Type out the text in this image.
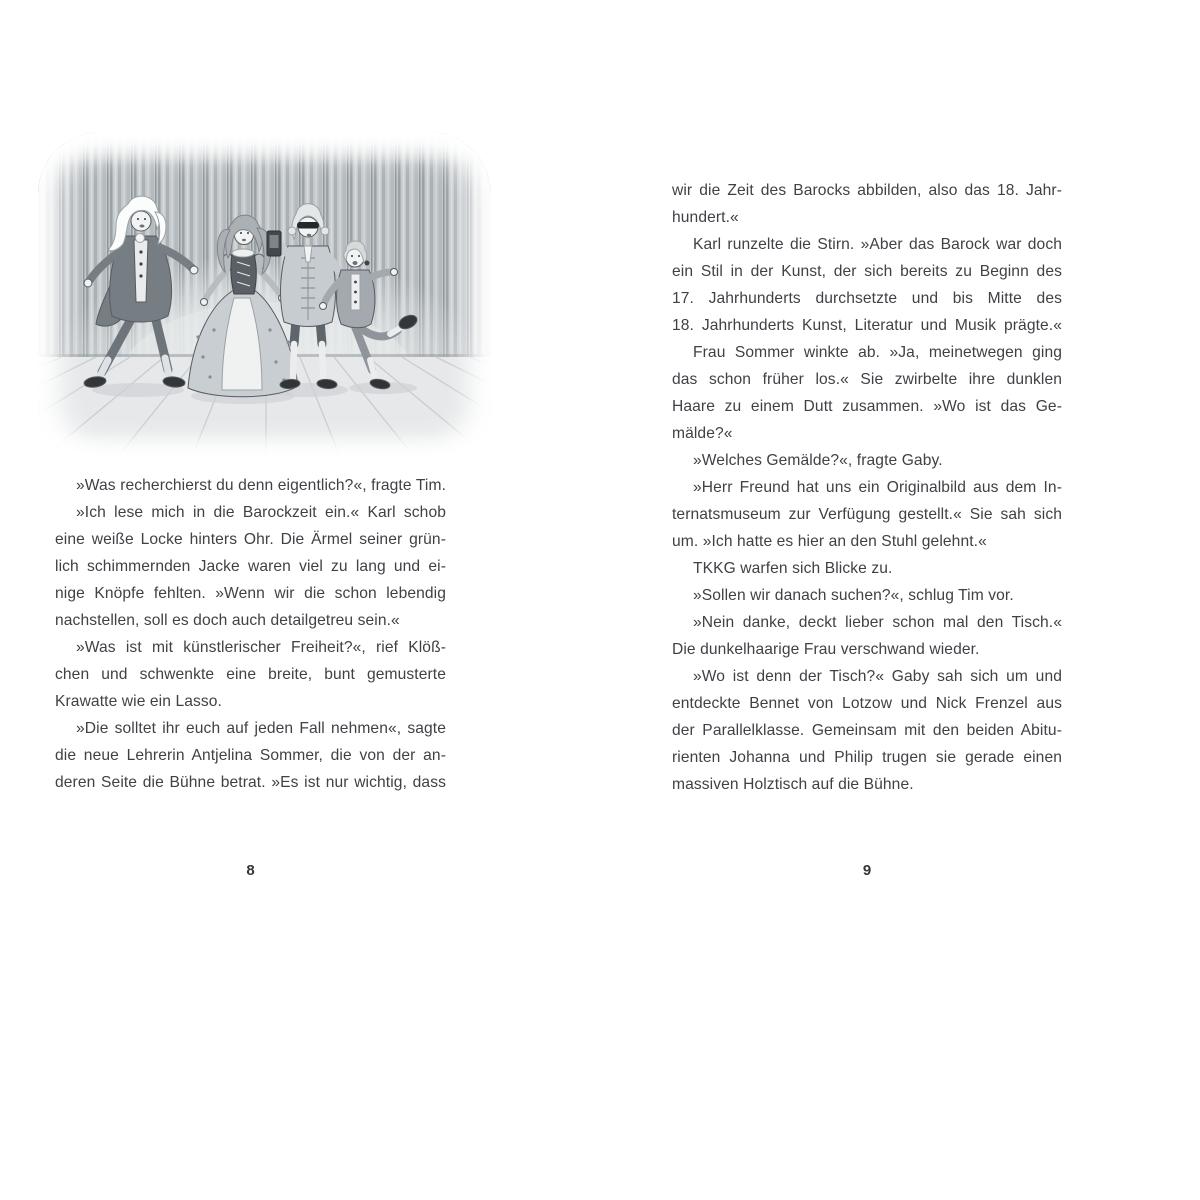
»Was recherchierst du denn eigentlich?«, fragte Tim.
»Ich lese mich in die Barockzeit ein.« Karl schob
eine weiße Locke hinters Ohr. Die Ärmel seiner grün-
lich schimmernden Jacke waren viel zu lang und ei-
nige Knöpfe fehlten. »Wenn wir die schon lebendig
nachstellen, soll es doch auch detailgetreu sein.«
»Was ist mit künstlerischer Freiheit?«, rief Klöß-
chen und schwenkte eine breite, bunt gemusterte
Krawatte wie ein Lasso.
»Die solltet ihr euch auf jeden Fall nehmen«, sagte
die neue Lehrerin Antjelina Sommer, die von der an-
deren Seite die Bühne betrat. »Es ist nur wichtig, dass
8
wir die Zeit des Barocks abbilden, also das 18. Jahr-
hundert.«
Karl runzelte die Stirn. »Aber das Barock war doch
ein Stil in der Kunst, der sich bereits zu Beginn des
17. Jahrhunderts durchsetzte und bis Mitte des
18. Jahrhunderts Kunst, Literatur und Musik prägte.«
Frau Sommer winkte ab. »Ja, meinetwegen ging
das schon früher los.« Sie zwirbelte ihre dunklen
Haare zu einem Dutt zusammen. »Wo ist das Ge-
mälde?«
»Welches Gemälde?«, fragte Gaby.
»Herr Freund hat uns ein Originalbild aus dem In-
ternatsmuseum zur Verfügung gestellt.« Sie sah sich
um. »Ich hatte es hier an den Stuhl gelehnt.«
TKKG warfen sich Blicke zu.
»Sollen wir danach suchen?«, schlug Tim vor.
»Nein danke, deckt lieber schon mal den Tisch.«
Die dunkelhaarige Frau verschwand wieder.
»Wo ist denn der Tisch?« Gaby sah sich um und
entdeckte Bennet von Lotzow und Nick Frenzel aus
der Parallelklasse. Gemeinsam mit den beiden Abitu-
rienten Johanna und Philip trugen sie gerade einen
massiven Holztisch auf die Bühne.
9
